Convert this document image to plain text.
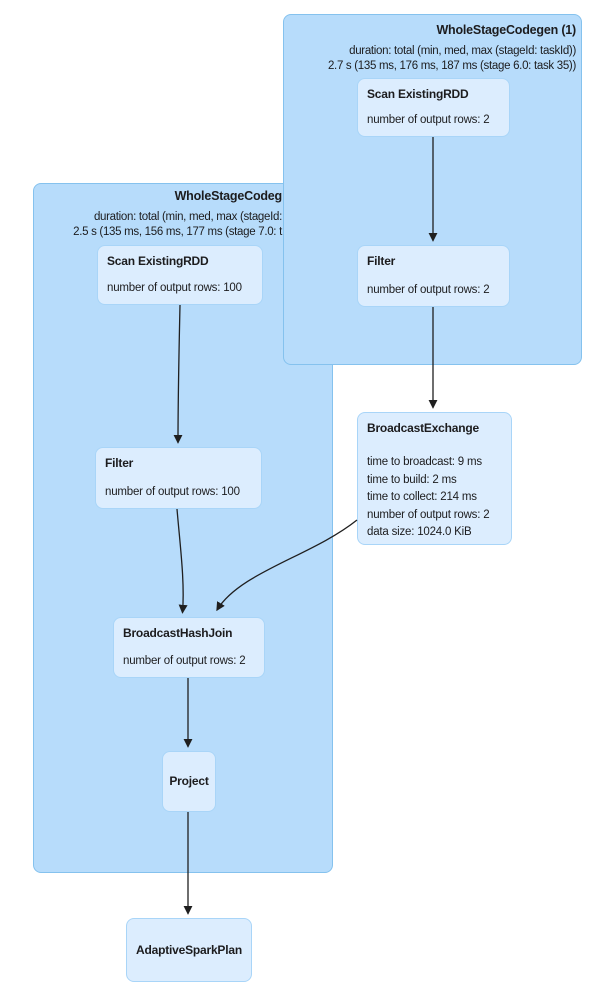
WholeStageCodeg
duration: total (min, med, max (stageId:
2.5 s (135 ms, 156 ms, 177 ms (stage 7.0: t
WholeStageCodegen (1)
duration: total (min, med, max (stageId: taskId))
2.7 s (135 ms, 176 ms, 187 ms (stage 6.0: task 35))
Scan ExistingRDD
number of output rows: 2
Filter
number of output rows: 2
BroadcastExchange
time to broadcast: 9 ms
time to build: 2 ms
time to collect: 214 ms
number of output rows: 2
data size: 1024.0 KiB
Scan ExistingRDD
number of output rows: 100
Filter
number of output rows: 100
BroadcastHashJoin
number of output rows: 2
Project
AdaptiveSparkPlan
